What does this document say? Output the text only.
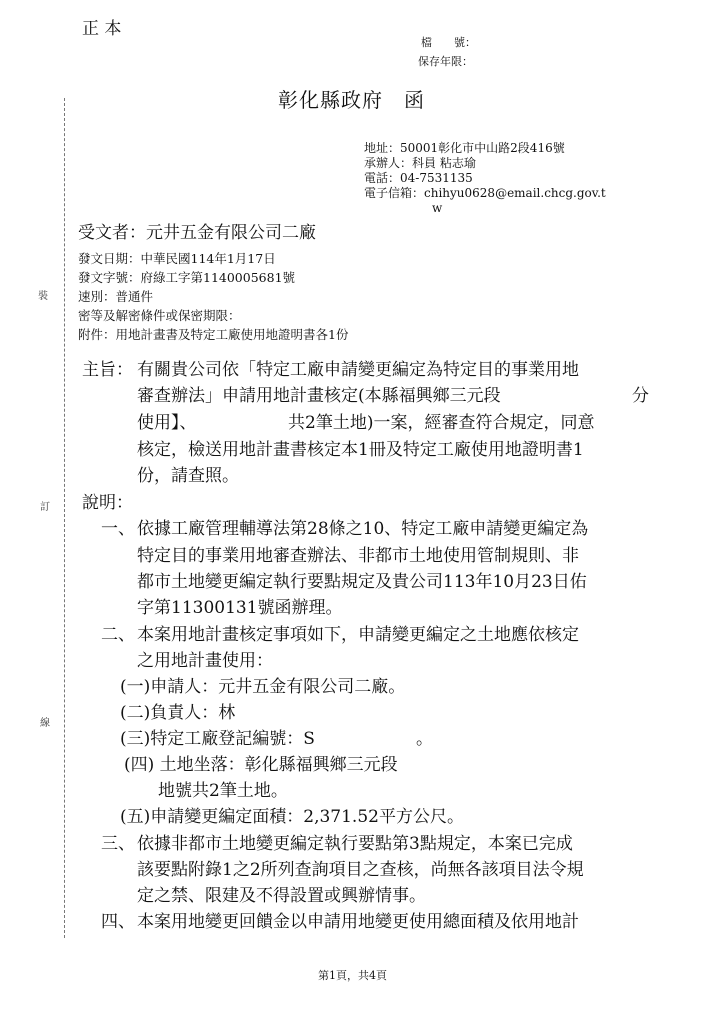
正 本
檔　　號：
保存年限：
彰化縣政府　函
地址：50001彰化市中山路2段416號
承辦人：科員 粘志瑜
電話：04-7531135
電子信箱：chihyu0628@email.chcg.gov.t
w
受文者：元井五金有限公司二廠
發文日期：中華民國114年1月17日
發文字號：府綠工字第1140005681號
速別：普通件
密等及解密條件或保密期限：
附件：用地計畫書及特定工廠使用地證明書各1份
裝
訂
線
主旨： 有關貴公司依「特定工廠申請變更編定為特定目的事業用地
審查辦法」申請用地計畫核定(本縣福興鄉三元段	分
使用】、	共2筆土地)一案，經審查符合規定，同意
核定，檢送用地計畫書核定本1冊及特定工廠使用地證明書1
份，請查照。
說明：
一、 依據工廠管理輔導法第28條之10、特定工廠申請變更編定為
特定目的事業用地審查辦法、非都市土地使用管制規則、非
都市土地變更編定執行要點規定及貴公司113年10月23日佑
字第11300131號函辦理。
二、 本案用地計畫核定事項如下，申請變更編定之土地應依核定
之用地計畫使用：
(一)申請人：元井五金有限公司二廠。
(二)負責人：林
(三)特定工廠登記編號：S	。
(四) 土地坐落：彰化縣福興鄉三元段
地號共2筆土地。
(五)申請變更編定面積：2,371.52平方公尺。
三、 依據非都市土地變更編定執行要點第3點規定，本案已完成
該要點附錄1之2所列查詢項目之查核，尚無各該項目法令規
定之禁、限建及不得設置或興辦情事。
四、 本案用地變更回饋金以申請用地變更使用總面積及依用地計
第1頁，共4頁
